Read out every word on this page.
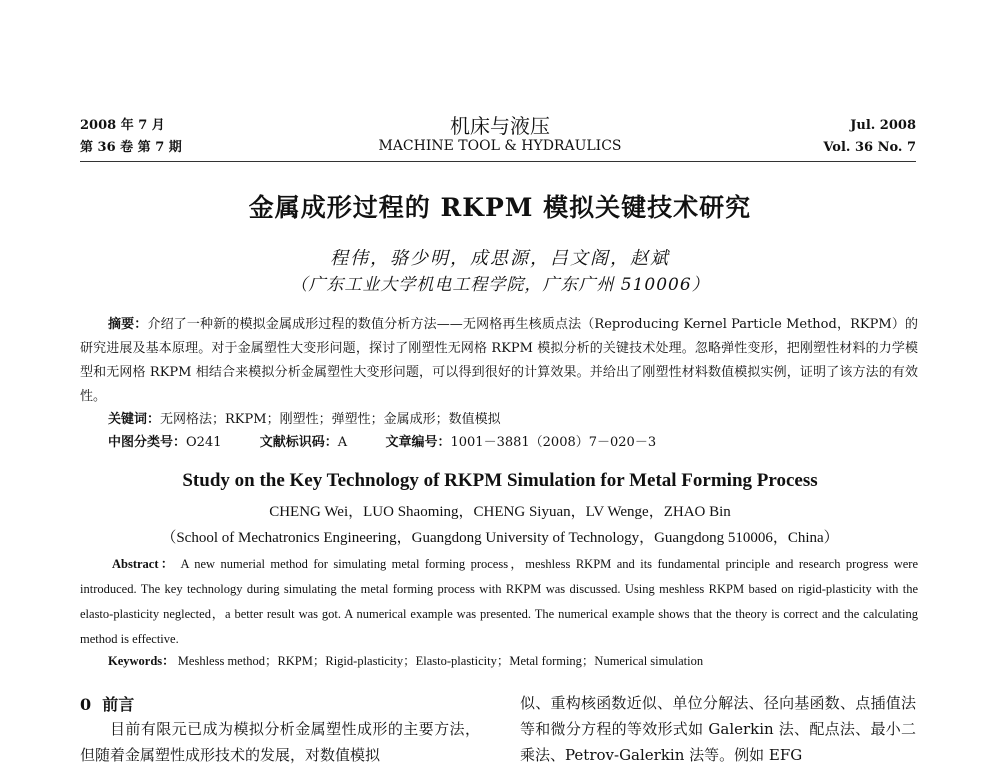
2008 年 7 月
第 36 卷 第 7 期
机床与液压
MACHINE TOOL & HYDRAULICS
Jul. 2008
Vol. 36 No. 7
金属成形过程的 RKPM 模拟关键技术研究
程伟，骆少明，成思源，吕文阁，赵斌
（广东工业大学机电工程学院，广东广州 510006）
摘要：介绍了一种新的模拟金属成形过程的数值分析方法——无网格再生核质点法（Reproducing Kernel Particle Method，RKPM）的研究进展及基本原理。对于金属塑性大变形问题，探讨了刚塑性无网格 RKPM 模拟分析的关键技术处理。忽略弹性变形，把刚塑性材料的力学模型和无网格 RKPM 相结合来模拟分析金属塑性大变形问题，可以得到很好的计算效果。并给出了刚塑性材料数值模拟实例，证明了该方法的有效性。
关键词：无网格法；RKPM；刚塑性；弹塑性；金属成形；数值模拟
中图分类号：O241	文献标识码：A	文章编号：1001－3881（2008）7－020－3
Study on the Key Technology of RKPM Simulation for Metal Forming Process
CHENG Wei，LUO Shaoming，CHENG Siyuan，LV Wenge，ZHAO Bin
（School of Mechatronics Engineering，Guangdong University of Technology，Guangdong 510006，China）
Abstract： A new numerial method for simulating metal forming process，meshless RKPM and its fundamental principle and research progress were introduced. The key technology during simulating the metal forming process with RKPM was discussed. Using meshless RKPM based on rigid-plasticity with the elasto-plasticity neglected，a better result was got. A numerical example was presented. The numerical example shows that the theory is correct and the calculating method is effective.
Keywords： Meshless method；RKPM；Rigid-plasticity；Elasto-plasticity；Metal forming；Numerical simulation
0  前言
目前有限元已成为模拟分析金属塑性成形的主要方法，但随着金属塑性成形技术的发展，对数值模拟
似、重构核函数近似、单位分解法、径向基函数、点插值法等和微分方程的等效形式如 Galerkin 法、配点法、最小二乘法、Petrov-Galerkin 法等。例如 EFG
